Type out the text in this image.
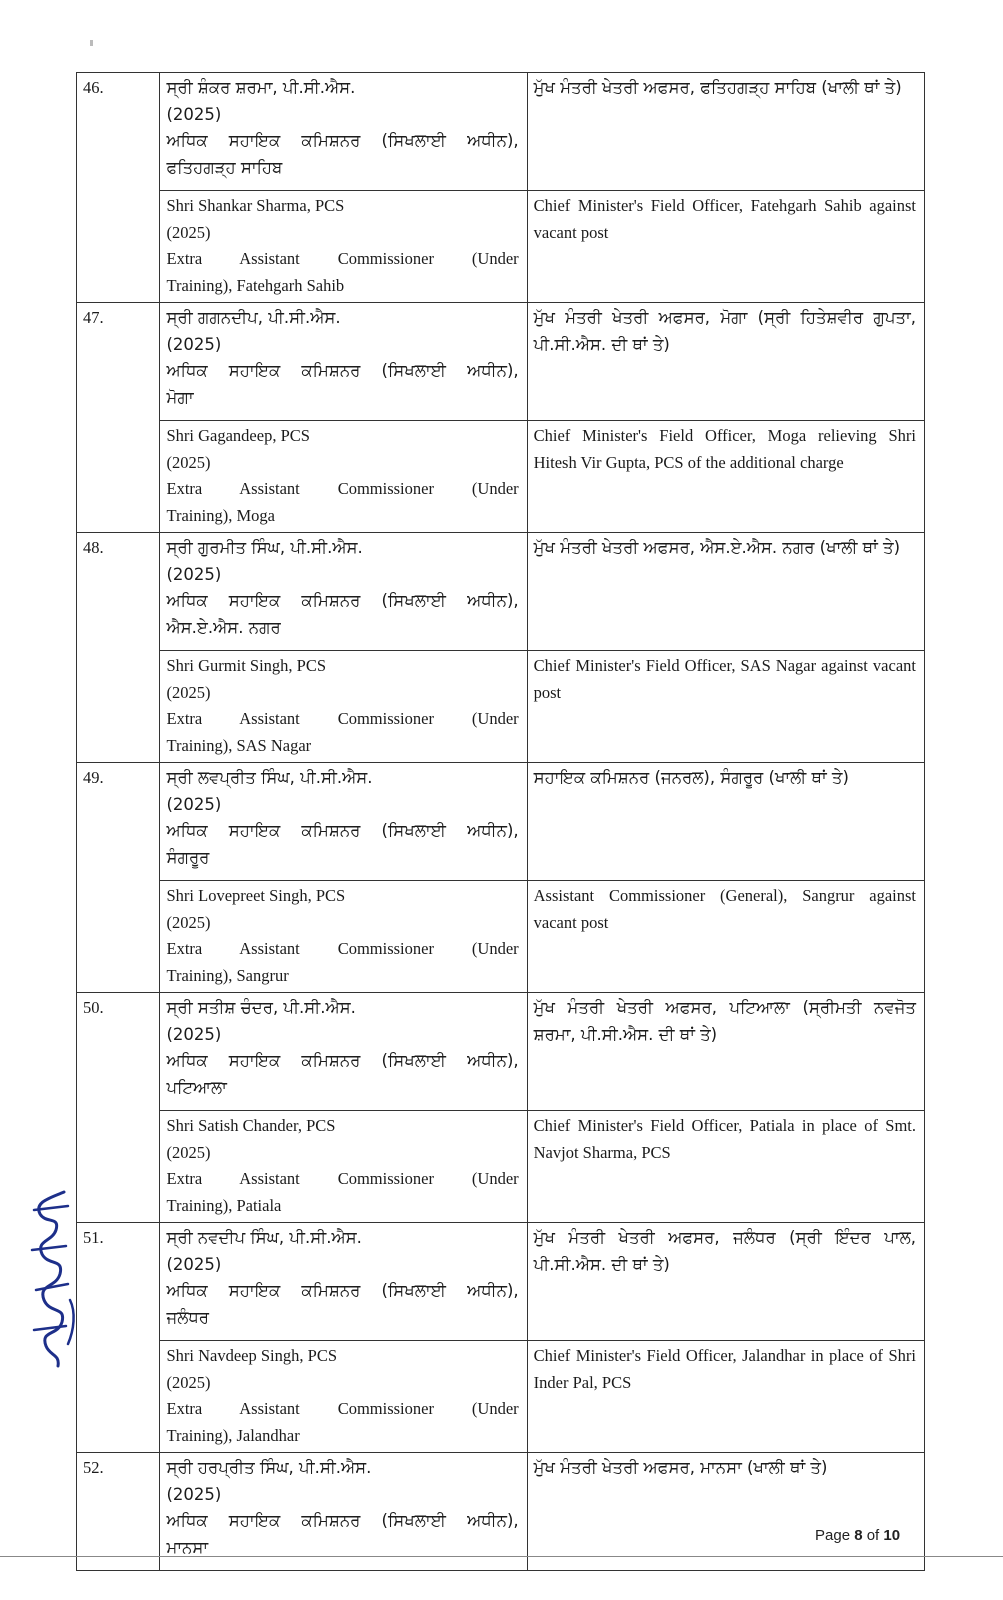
46.	ਸ੍ਰੀ ਸ਼ੰਕਰ ਸ਼ਰਮਾ, ਪੀ.ਸੀ.ਐਸ.
(2025)
ਅਧਿਕ ਸਹਾਇਕ ਕਮਿਸ਼ਨਰ (ਸਿਖਲਾਈ ਅਧੀਨ),
ਫਤਿਹਗੜ੍ਹ ਸਾਹਿਬ	ਮੁੱਖ ਮੰਤਰੀ ਖੇਤਰੀ ਅਫਸਰ, ਫਤਿਹਗੜ੍ਹ ਸਾਹਿਬ (ਖਾਲੀ ਥਾਂ ਤੇ)

	Shri Shankar Sharma, PCS
(2025)
Extra Assistant Commissioner (Under
Training), Fatehgarh Sahib	Chief Minister's Field Officer, Fatehgarh Sahib against vacant post

47.	ਸ੍ਰੀ ਗਗਨਦੀਪ, ਪੀ.ਸੀ.ਐਸ.
(2025)
ਅਧਿਕ ਸਹਾਇਕ ਕਮਿਸ਼ਨਰ (ਸਿਖਲਾਈ ਅਧੀਨ),
ਮੋਗਾ	ਮੁੱਖ ਮੰਤਰੀ ਖੇਤਰੀ ਅਫਸਰ, ਮੋਗਾ (ਸ੍ਰੀ ਹਿਤੇਸ਼ਵੀਰ ਗੁਪਤਾ, ਪੀ.ਸੀ.ਐਸ. ਦੀ ਥਾਂ ਤੇ)

	Shri Gagandeep, PCS
(2025)
Extra Assistant Commissioner (Under
Training), Moga	Chief Minister's Field Officer, Moga relieving Shri Hitesh Vir Gupta, PCS of the additional charge

48.	ਸ੍ਰੀ ਗੁਰਮੀਤ ਸਿੰਘ, ਪੀ.ਸੀ.ਐਸ.
(2025)
ਅਧਿਕ ਸਹਾਇਕ ਕਮਿਸ਼ਨਰ (ਸਿਖਲਾਈ ਅਧੀਨ),
ਐਸ.ਏ.ਐਸ. ਨਗਰ	ਮੁੱਖ ਮੰਤਰੀ ਖੇਤਰੀ ਅਫਸਰ, ਐਸ.ਏ.ਐਸ. ਨਗਰ (ਖਾਲੀ ਥਾਂ ਤੇ)

	Shri Gurmit Singh, PCS
(2025)
Extra Assistant Commissioner (Under
Training), SAS Nagar	Chief Minister's Field Officer, SAS Nagar against vacant post

49.	ਸ੍ਰੀ ਲਵਪ੍ਰੀਤ ਸਿੰਘ, ਪੀ.ਸੀ.ਐਸ.
(2025)
ਅਧਿਕ ਸਹਾਇਕ ਕਮਿਸ਼ਨਰ (ਸਿਖਲਾਈ ਅਧੀਨ),
ਸੰਗਰੂਰ	ਸਹਾਇਕ ਕਮਿਸ਼ਨਰ (ਜਨਰਲ), ਸੰਗਰੂਰ (ਖਾਲੀ ਥਾਂ ਤੇ)

	Shri Lovepreet Singh, PCS
(2025)
Extra Assistant Commissioner (Under
Training), Sangrur	Assistant Commissioner (General), Sangrur against vacant post

50.	ਸ੍ਰੀ ਸਤੀਸ਼ ਚੰਦਰ, ਪੀ.ਸੀ.ਐਸ.
(2025)
ਅਧਿਕ ਸਹਾਇਕ ਕਮਿਸ਼ਨਰ (ਸਿਖਲਾਈ ਅਧੀਨ),
ਪਟਿਆਲਾ	ਮੁੱਖ ਮੰਤਰੀ ਖੇਤਰੀ ਅਫਸਰ, ਪਟਿਆਲਾ (ਸ੍ਰੀਮਤੀ ਨਵਜੋਤ ਸ਼ਰਮਾ, ਪੀ.ਸੀ.ਐਸ. ਦੀ ਥਾਂ ਤੇ)

	Shri Satish Chander, PCS
(2025)
Extra Assistant Commissioner (Under
Training), Patiala	Chief Minister's Field Officer, Patiala in place of Smt. Navjot Sharma, PCS

51.	ਸ੍ਰੀ ਨਵਦੀਪ ਸਿੰਘ, ਪੀ.ਸੀ.ਐਸ.
(2025)
ਅਧਿਕ ਸਹਾਇਕ ਕਮਿਸ਼ਨਰ (ਸਿਖਲਾਈ ਅਧੀਨ),
ਜਲੰਧਰ	ਮੁੱਖ ਮੰਤਰੀ ਖੇਤਰੀ ਅਫਸਰ, ਜਲੰਧਰ (ਸ੍ਰੀ ਇੰਦਰ ਪਾਲ, ਪੀ.ਸੀ.ਐਸ. ਦੀ ਥਾਂ ਤੇ)

	Shri Navdeep Singh, PCS
(2025)
Extra Assistant Commissioner (Under
Training), Jalandhar	Chief Minister's Field Officer, Jalandhar in place of Shri Inder Pal, PCS

52.	ਸ੍ਰੀ ਹਰਪ੍ਰੀਤ ਸਿੰਘ, ਪੀ.ਸੀ.ਐਸ.
(2025)
ਅਧਿਕ ਸਹਾਇਕ ਕਮਿਸ਼ਨਰ (ਸਿਖਲਾਈ ਅਧੀਨ),
ਮਾਨਸਾ	ਮੁੱਖ ਮੰਤਰੀ ਖੇਤਰੀ ਅਫਸਰ, ਮਾਨਸਾ (ਖਾਲੀ ਥਾਂ ਤੇ)
Page 8 of 10
